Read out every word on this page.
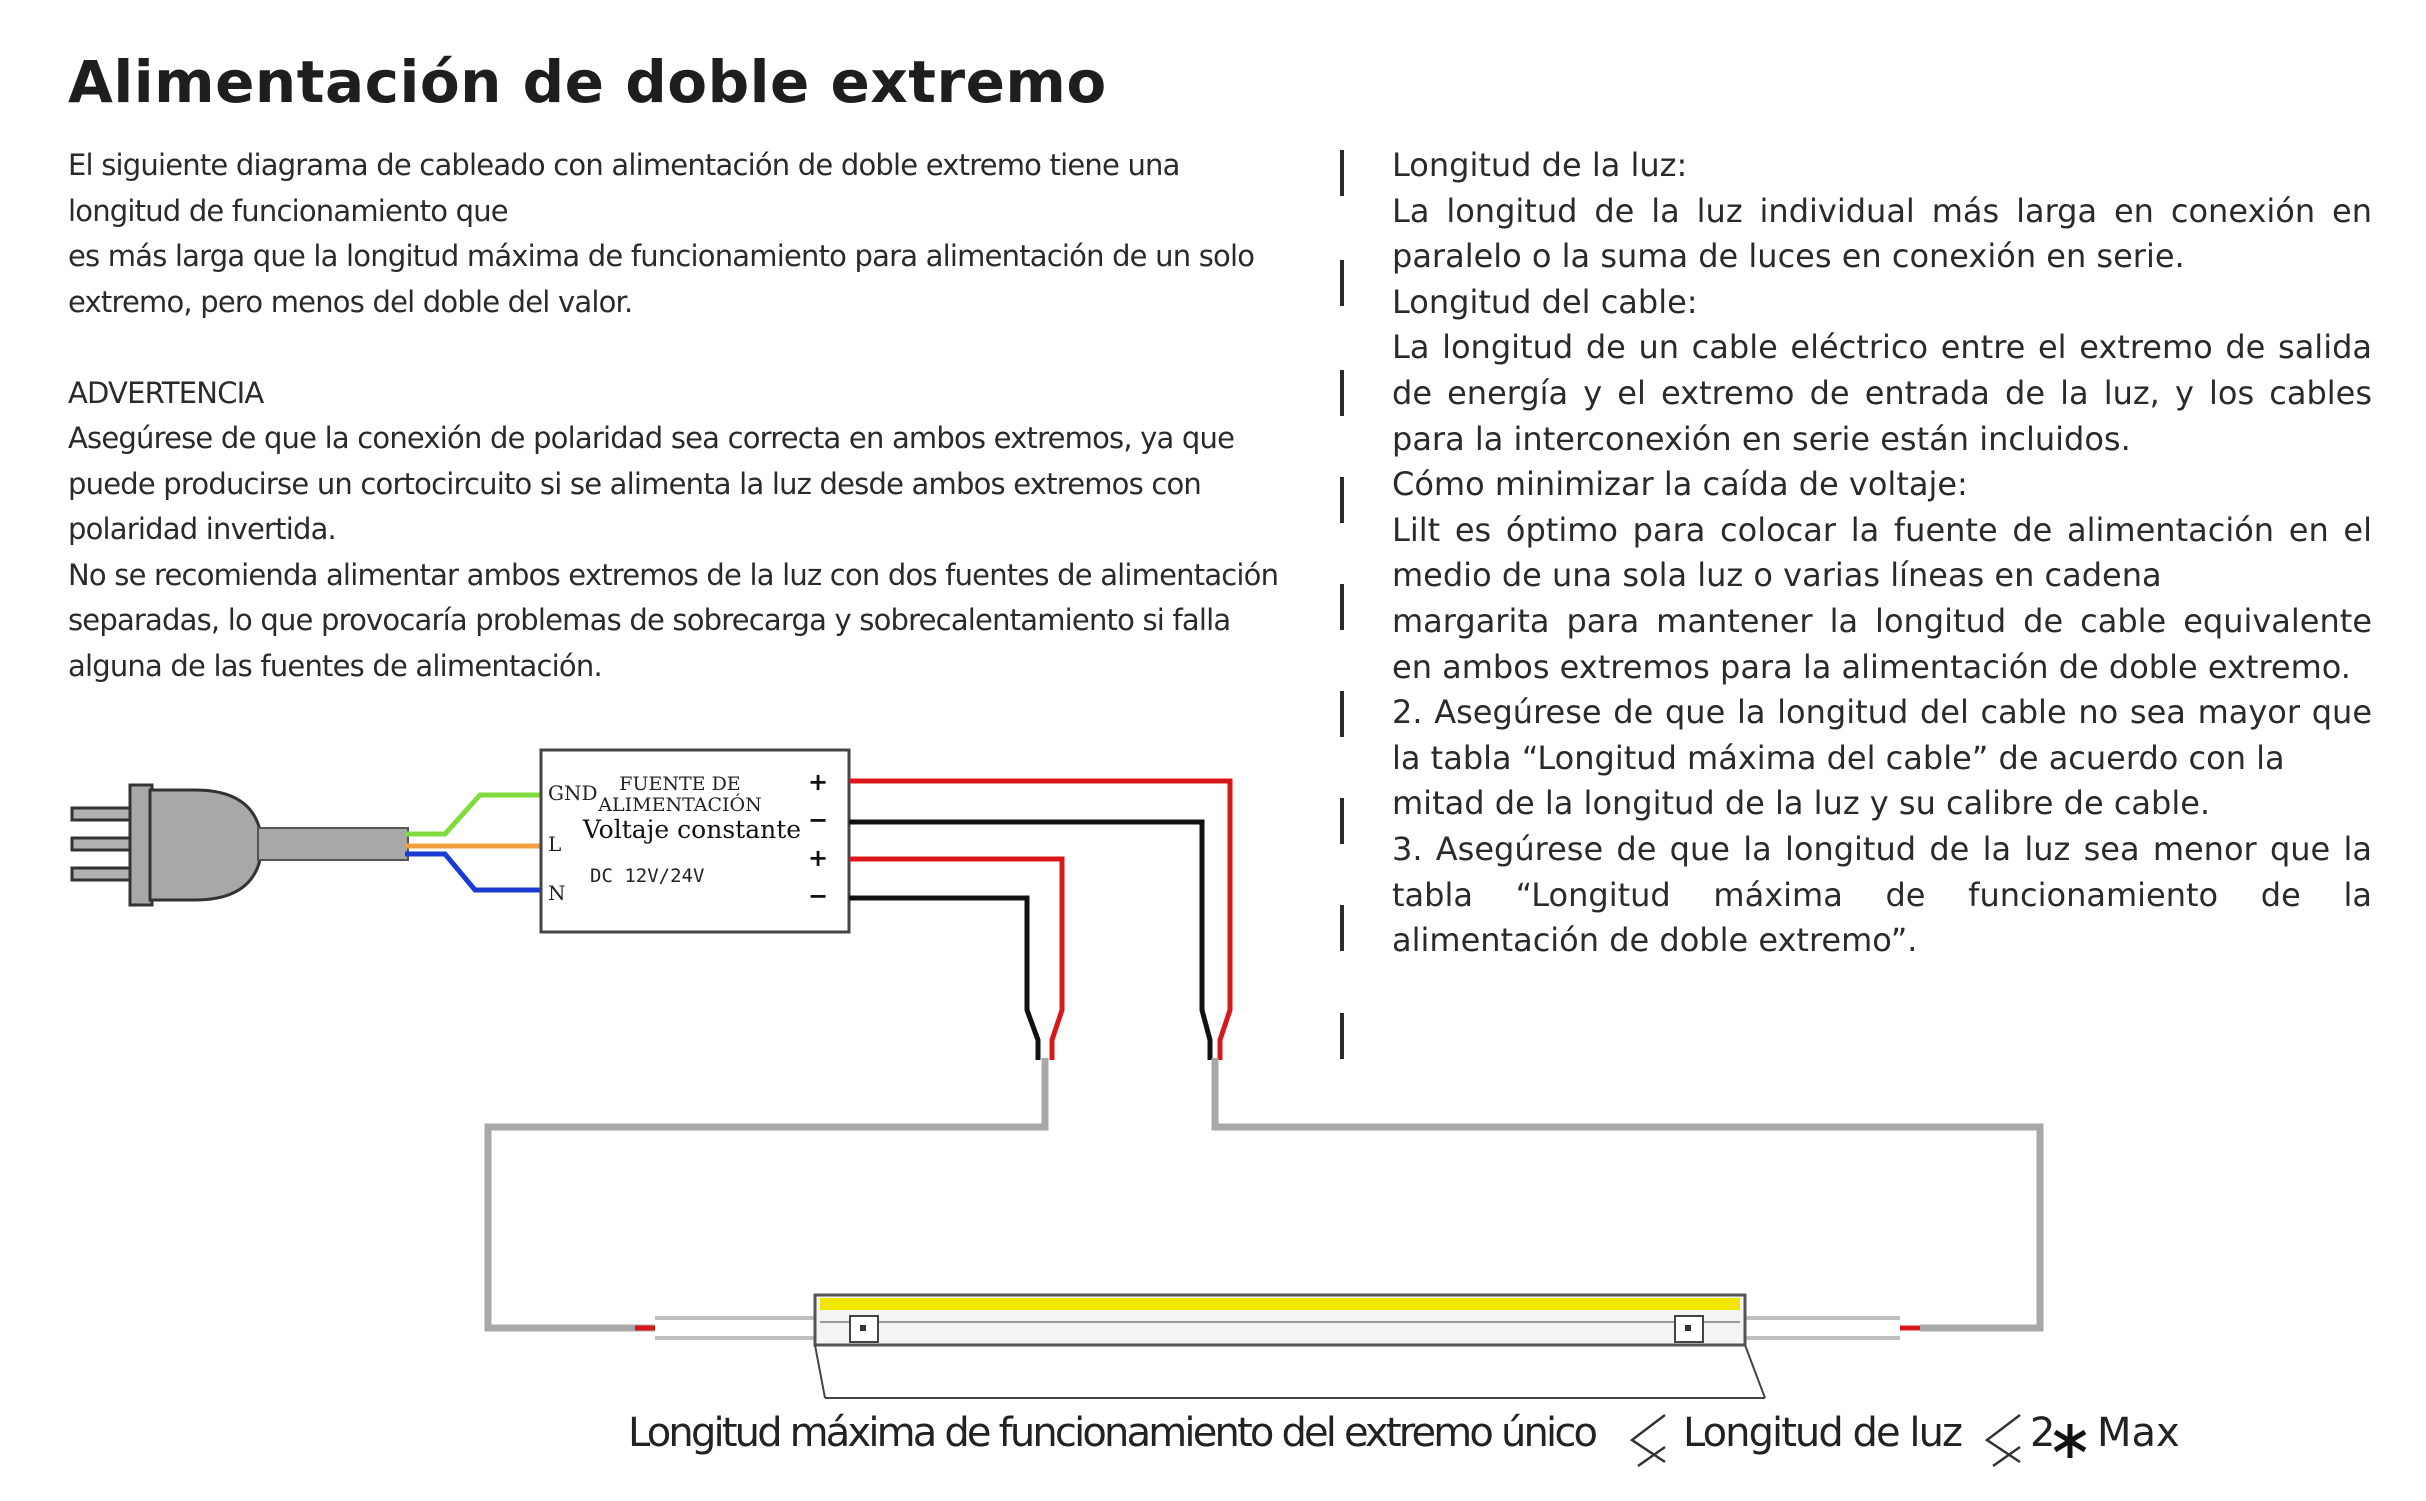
Alimentación de doble extremo

El siguiente diagrama de cableado con alimentación de doble extremo tiene una longitud de funcionamiento que

es más larga que la longitud máxima de funcionamiento para alimentación de un solo extremo, pero menos del doble del valor.

ADVERTENCIA

Asegúrese de que la conexión de polaridad sea correcta en ambos extremos, ya que puede producirse un cortocircuito si se alimenta la luz desde ambos extremos con polaridad invertida.

No se recomienda alimentar ambos extremos de la luz con dos fuentes de alimentación separadas, lo que provocaría problemas de sobrecarga y sobrecalentamiento si falla alguna de las fuentes de alimentación.

Longitud de la luz:

La longitud de la luz individual más larga en conexión en paralelo o la suma de luces en conexión en serie.

Longitud del cable:

La longitud de un cable eléctrico entre el extremo de salida de energía y el extremo de entrada de la luz, y los cables para la interconexión en serie están incluidos.

Cómo minimizar la caída de voltaje:

Lilt es óptimo para colocar la fuente de alimentación en el medio de una sola luz o varias líneas en cadena

margarita para mantener la longitud de cable equivalente en ambos extremos para la alimentación de doble extremo.

2. Asegúrese de que la longitud del cable no sea mayor que la tabla “Longitud máxima del cable” de acuerdo con la

mitad de la longitud de la luz y su calibre de cable.

3. Asegúrese de que la longitud de la luz sea menor que la tabla “Longitud máxima de funcionamiento de la alimentación de doble extremo”.

GND
L
N
FUENTE DE
ALIMENTACIÓN
Voltaje constante
DC 12V/24V
+
−
+
−
Longitud máxima de funcionamiento del extremo único Longitud de luz 2 Max
